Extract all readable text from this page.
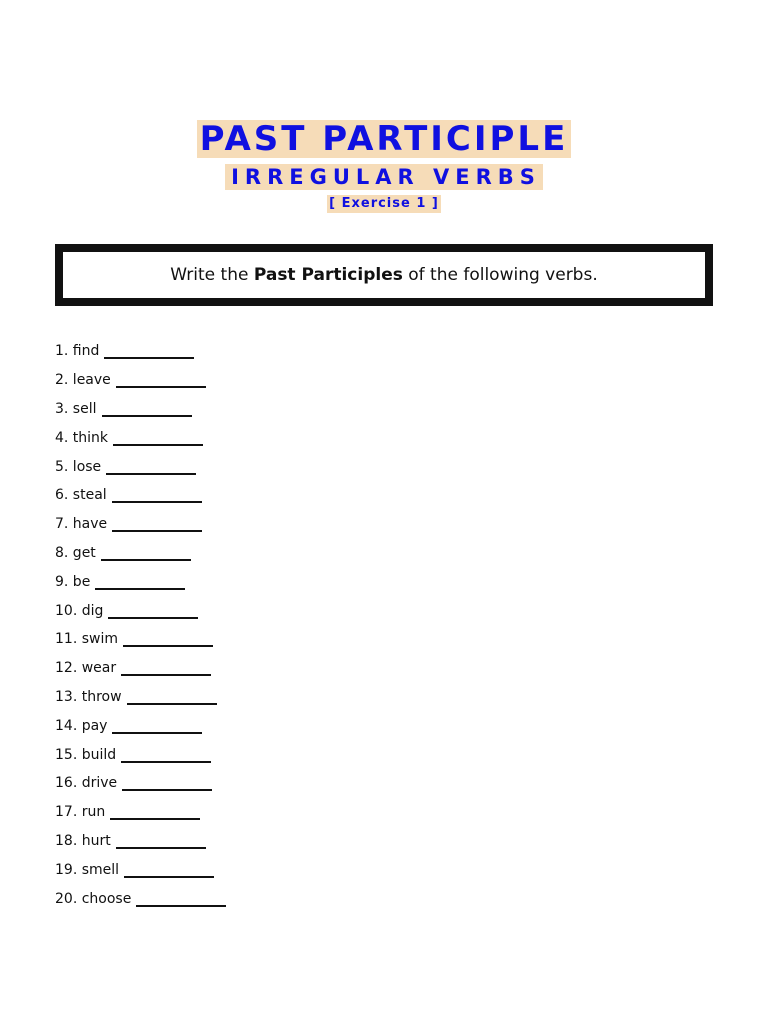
PAST PARTICIPLE
IRREGULAR VERBS
[ Exercise 1 ]
Write the Past Participles of the following verbs.
1. find
2. leave
3. sell
4. think
5. lose
6. steal
7. have
8. get
9. be
10. dig
11. swim
12. wear
13. throw
14. pay
15. build
16. drive
17. run
18. hurt
19. smell
20. choose
